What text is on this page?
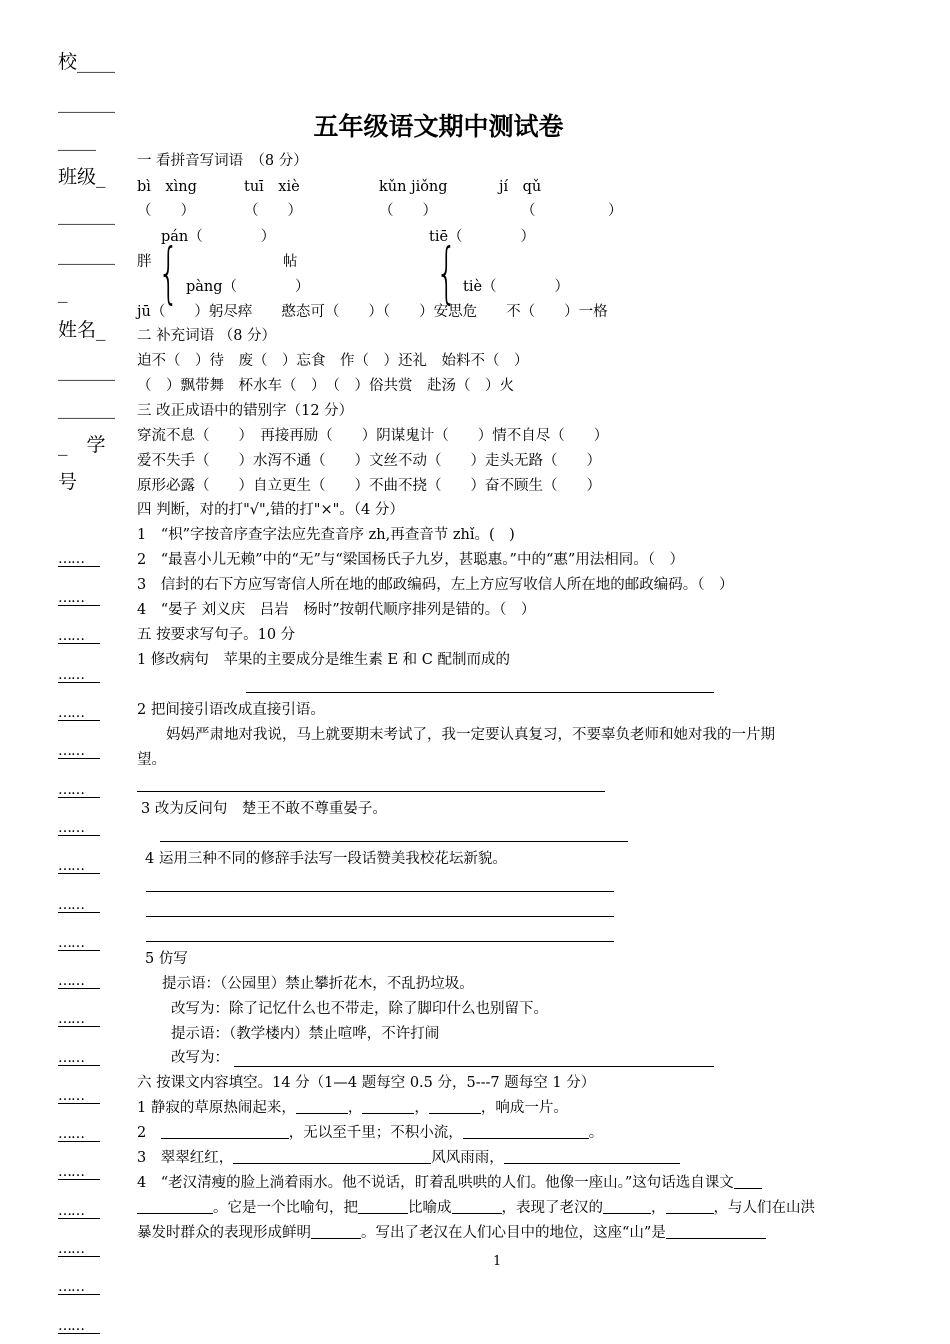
校____
______
____
班级_
______
______
_
姓名_
______
______
_　学
号
……
……
……
……
……
……
……
……
……
……
……
……
……
……
……
……
……
……
……
……
……
五年级语文期中测试卷
一 看拼音写词语　（8 分）
bì　xìng	tuī　xiè	kǔn jiǒng	jí　qǔ
（　　）	（　　）	（　　）	（　　　　　）
pán（　　　　）	tiē（　　　　）
胖	帖
{	{
pàng（　　　　）	tiè（　　　　）
jū（　　）躬尽瘁　　憨态可（　　）（　　）安思危　　不（　　）一格
二 补充词语 （8 分）
迫不（　）待　废（　）忘食　作（　）还礼　始料不（　）
（　）飘带舞　杯水车（　）　（　）俗共赏　赴汤（　）火
三 改正成语中的错别字（12 分）
穿流不息（　　）　再接再励（　　）阴谋鬼计（　　）情不自尽（　　）
爱不失手（　　）水泻不通（　　）文丝不动（　　）走头无路（　　）
原形必露（　　）自立更生（　　）不曲不挠（　　）奋不顾生（　　）
四 判断，对的打"√",错的打"×"。（4 分）
1　“枳”字按音序查字法应先查音序 zh,再查音节 zhǐ。(　)
2　“最喜小儿无赖”中的“无”与“梁国杨氏子九岁，甚聪惠。”中的“惠”用法相同。（　）
3　信封的右下方应写寄信人所在地的邮政编码，左上方应写收信人所在地的邮政编码。（　）
4　“晏子 刘义庆　吕岩　杨时”按朝代顺序排列是错的。（　）
五 按要求写句子。10 分
1 修改病句　苹果的主要成分是维生素 E 和 C 配制而成的
2 把间接引语改成直接引语。
　　妈妈严肃地对我说，马上就要期末考试了，我一定要认真复习，不要辜负老师和她对我的一片期
望。
3 改为反问句　楚王不敢不尊重晏子。
4 运用三种不同的修辞手法写一段话赞美我校花坛新貌。
5 仿写
提示语：（公园里）禁止攀折花木，不乱扔垃圾。
改写为：除了记忆什么也不带走，除了脚印什么也别留下。
提示语：（教学楼内）禁止喧哗，不许打闹
改写为：
六 按课文内容填空。14 分（1—4 题每空 0.5 分，5---7 题每空 1 分）
1 静寂的草原热闹起来，	，	，	，响成一片。
2　	，无以至千里；不积小流，	。
3　翠翠红红，	风风雨雨，
4　“老汉清瘦的脸上淌着雨水。他不说话，盯着乱哄哄的人们。他像一座山。”这句话选自课文
。它是一个比喻句，把	比喻成	，表现了老汉的	，	，与人们在山洪
暴发时群众的表现形成鲜明	。写出了老汉在人们心目中的地位，这座“山”是
1
